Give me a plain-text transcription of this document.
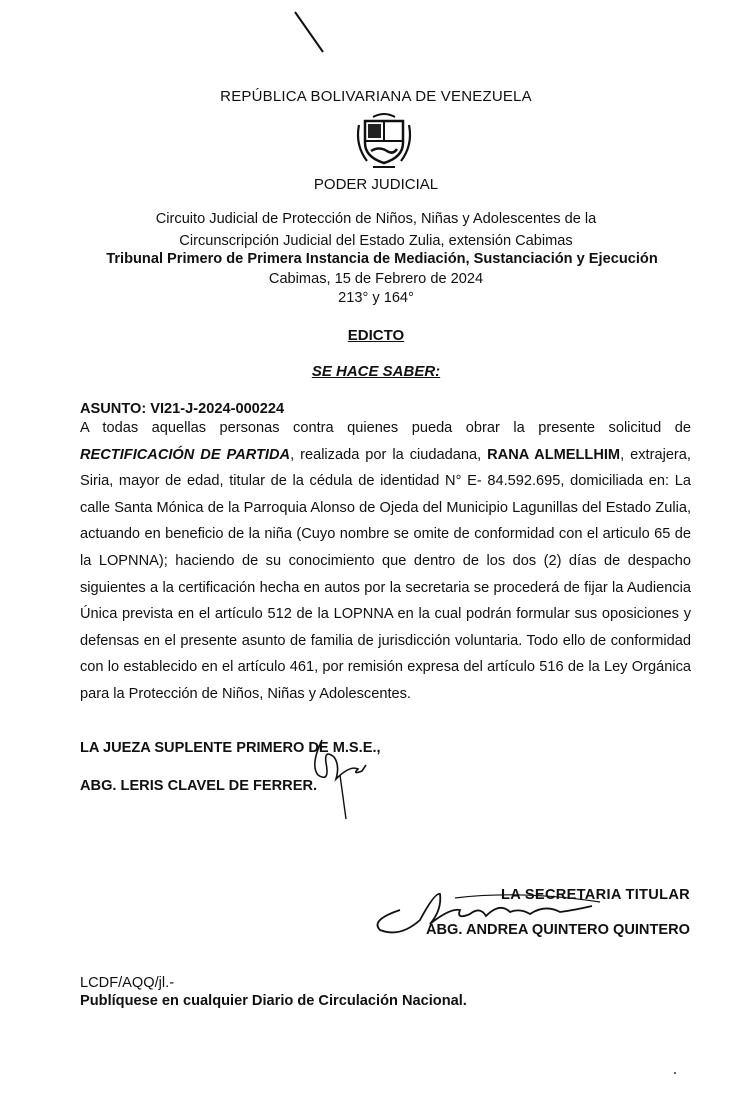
REPÚBLICA BOLIVARIANA DE VENEZUELA
PODER JUDICIAL
Circuito Judicial de Protección de Niños, Niñas y Adolescentes de la
Circunscripción Judicial del Estado Zulia, extensión Cabimas
Tribunal Primero de Primera Instancia de Mediación, Sustanciación y Ejecución
Cabimas, 15 de Febrero de 2024
213° y 164°
EDICTO
SE HACE SABER:
ASUNTO: VI21-J-2024-000224
A todas aquellas personas contra quienes pueda obrar la presente solicitud de RECTIFICACIÓN DE PARTIDA, realizada por la ciudadana, RANA ALMELLHIM, extrajera, Siria, mayor de edad, titular de la cédula de identidad N° E- 84.592.695, domiciliada en: La calle Santa Mónica de la Parroquia Alonso de Ojeda del Municipio Lagunillas del Estado Zulia, actuando en beneficio de la niña (Cuyo nombre se omite de conformidad con el articulo 65 de la LOPNNA); haciendo de su conocimiento que dentro de los dos (2) días de despacho siguientes a la certificación hecha en autos por la secretaria se procederá de fijar la Audiencia Única prevista en el artículo 512 de la LOPNNA en la cual podrán formular sus oposiciones y defensas en el presente asunto de familia de jurisdicción voluntaria. Todo ello de conformidad con lo establecido en el artículo 461, por remisión expresa del artículo 516 de la Ley Orgánica para la Protección de Niños, Niñas y Adolescentes.
LA JUEZA SUPLENTE PRIMERO DE M.S.E.,
ABG. LERIS CLAVEL DE FERRER.
LA SECRETARIA TITULAR
ABG. ANDREA QUINTERO QUINTERO
LCDF/AQQ/jl.-
Publíquese en cualquier Diario de Circulación Nacional.
